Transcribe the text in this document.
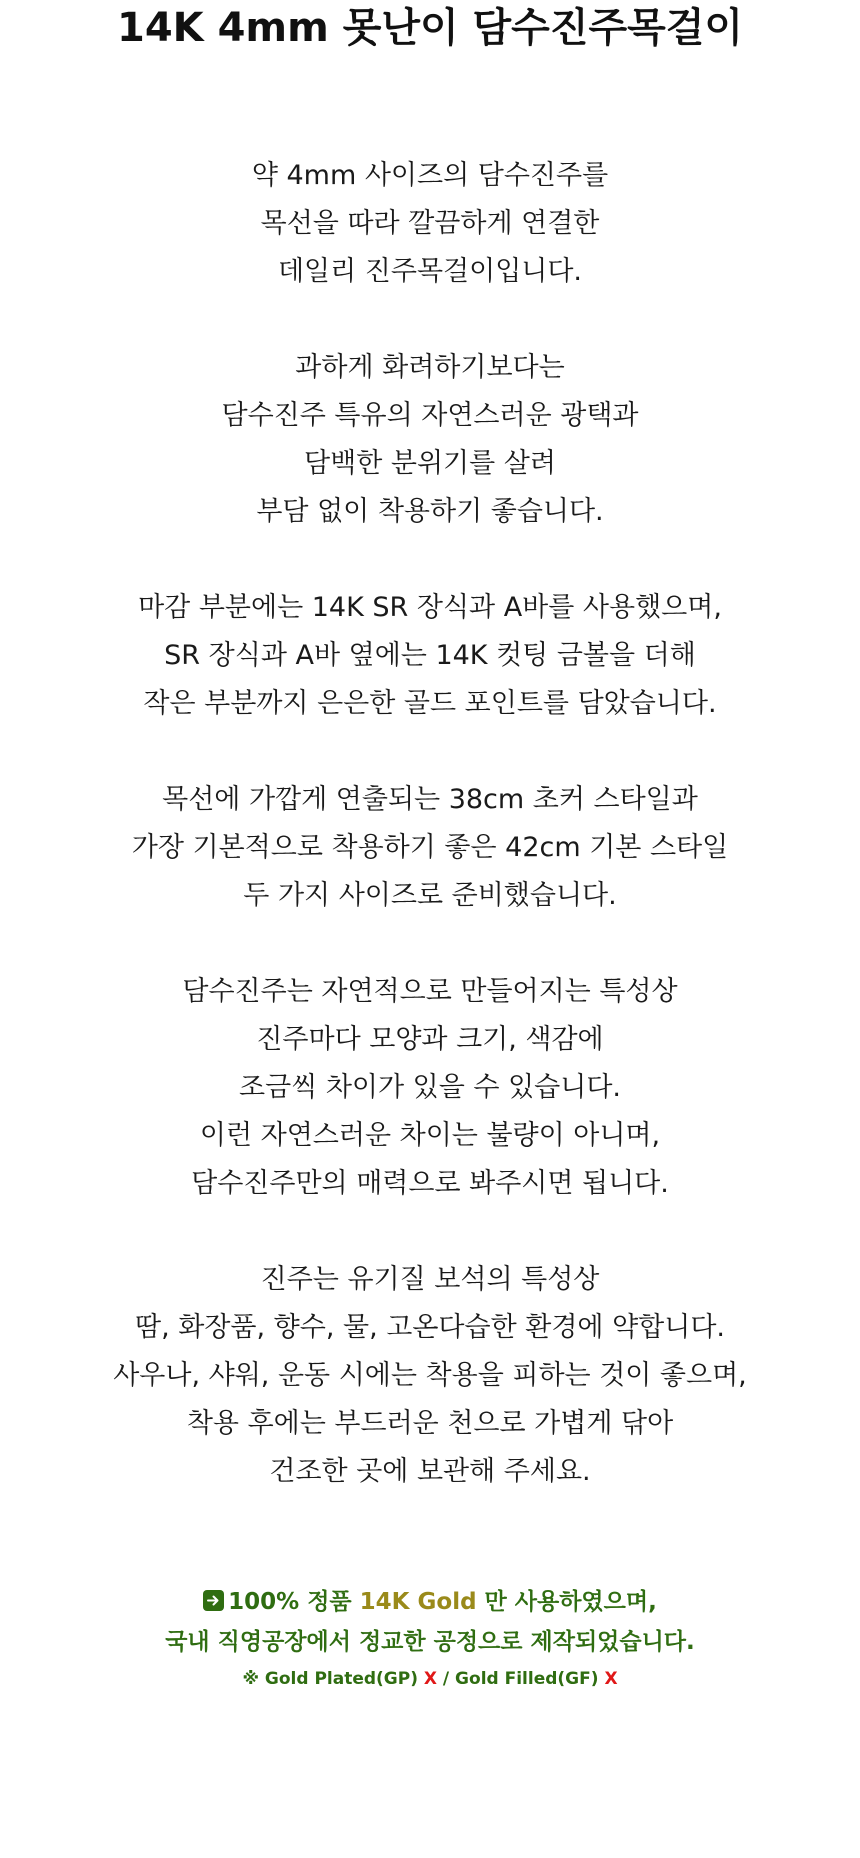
14K 4mm 못난이 담수진주목걸이
약 4mm 사이즈의 담수진주를
목선을 따라 깔끔하게 연결한
데일리 진주목걸이입니다.
과하게 화려하기보다는
담수진주 특유의 자연스러운 광택과
담백한 분위기를 살려
부담 없이 착용하기 좋습니다.
마감 부분에는 14K SR 장식과 A바를 사용했으며,
SR 장식과 A바 옆에는 14K 컷팅 금볼을 더해
작은 부분까지 은은한 골드 포인트를 담았습니다.
목선에 가깝게 연출되는 38cm 초커 스타일과
가장 기본적으로 착용하기 좋은 42cm 기본 스타일
두 가지 사이즈로 준비했습니다.
담수진주는 자연적으로 만들어지는 특성상
진주마다 모양과 크기, 색감에
조금씩 차이가 있을 수 있습니다.
이런 자연스러운 차이는 불량이 아니며,
담수진주만의 매력으로 봐주시면 됩니다.
진주는 유기질 보석의 특성상
땀, 화장품, 향수, 물, 고온다습한 환경에 약합니다.
사우나, 샤워, 운동 시에는 착용을 피하는 것이 좋으며,
착용 후에는 부드러운 천으로 가볍게 닦아
건조한 곳에 보관해 주세요.
100% 정품 14K Gold 만 사용하였으며,
국내 직영공장에서 정교한 공정으로 제작되었습니다.
※ Gold Plated(GP) X / Gold Filled(GF) X
